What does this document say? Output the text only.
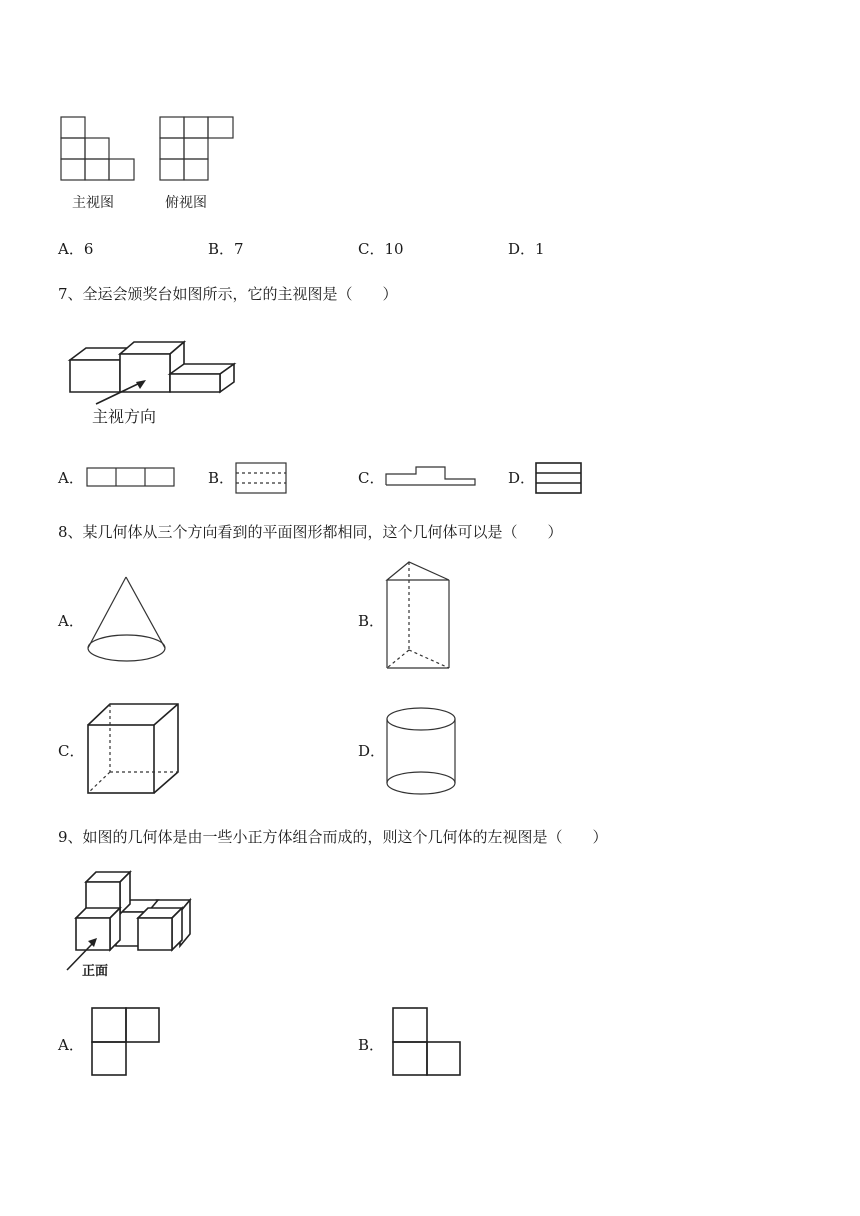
主视图	俯视图
A．6	B．7	C．10	D．1
7、全运会颁奖台如图所示，它的主视图是（　　）
主视方向
A．	B．	C．	D．
8、某几何体从三个方向看到的平面图形都相同，这个几何体可以是（　　）
A．	B．
C．	D．
9、如图的几何体是由一些小正方体组合而成的，则这个几何体的左视图是（　　）
正面
A．	B．
